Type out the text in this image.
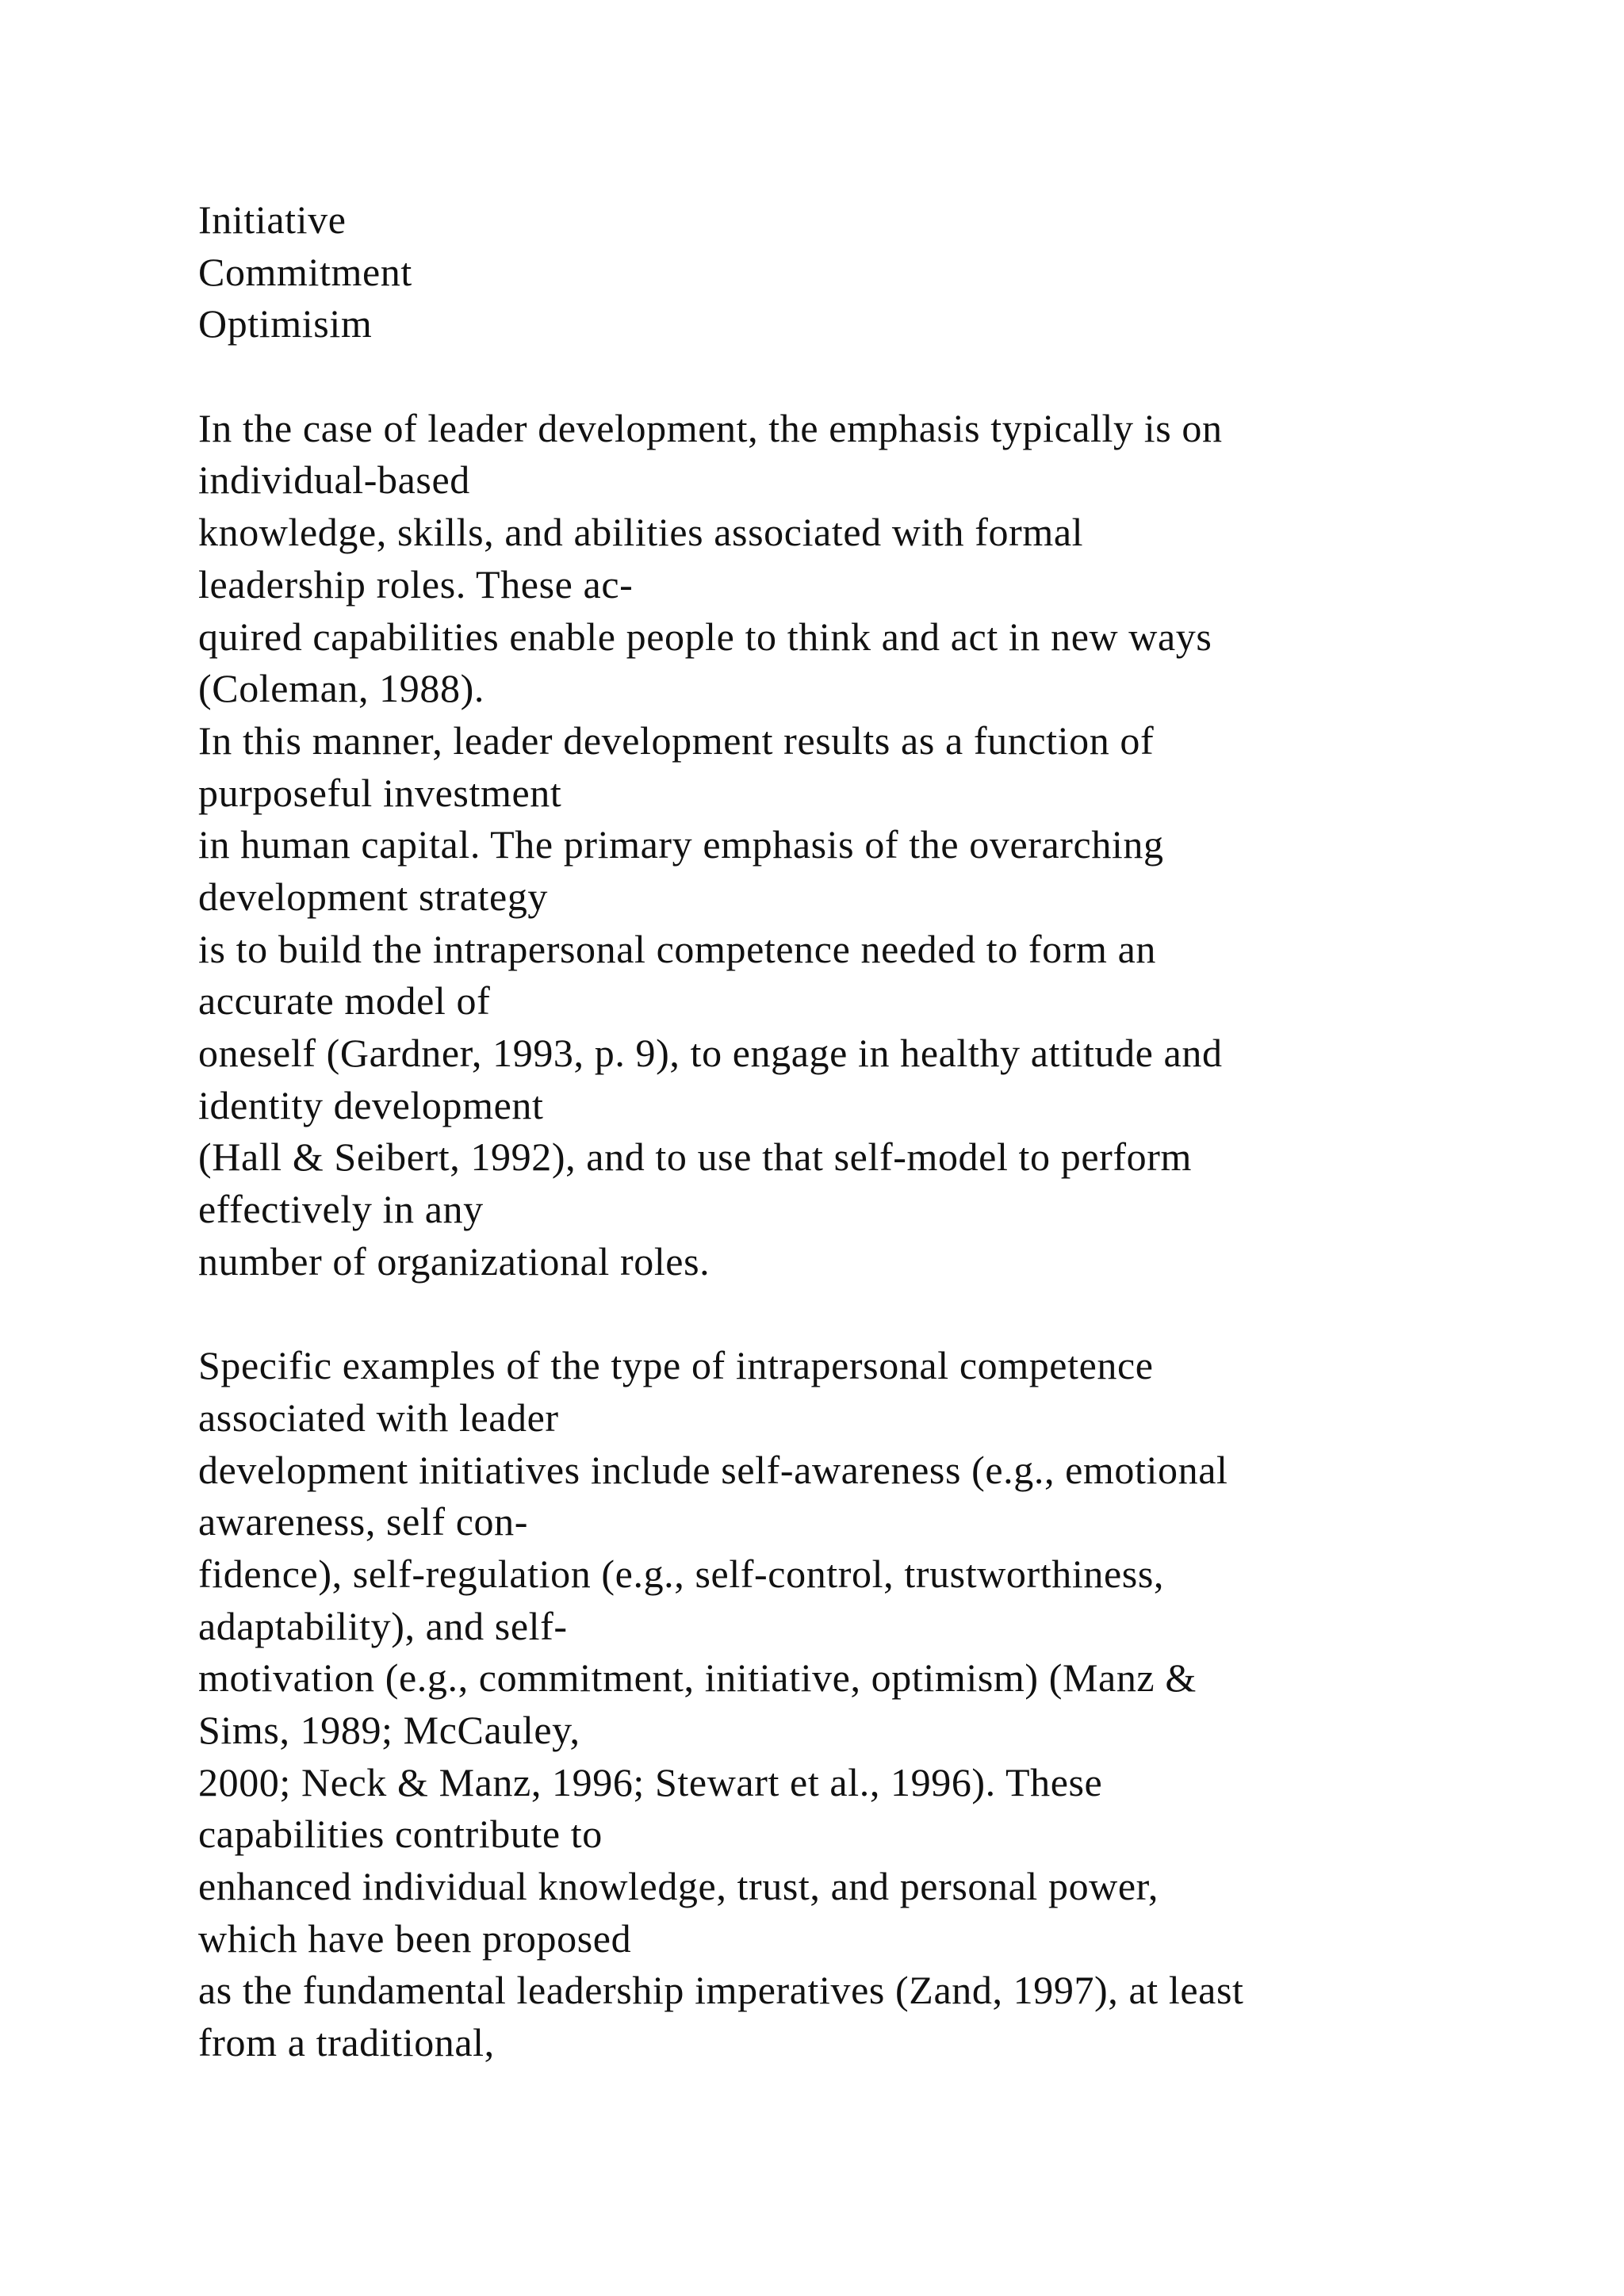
Initiative
Commitment
Optimisim
In the case of leader development, the emphasis typically is on
individual-based
knowledge, skills, and abilities associated with formal
leadership roles. These ac-
quired capabilities enable people to think and act in new ways
(Coleman, 1988).
In this manner, leader development results as a function of
purposeful investment
in human capital. The primary emphasis of the overarching
development strategy
is to build the intrapersonal competence needed to form an
accurate model of
oneself (Gardner, 1993, p. 9), to engage in healthy attitude and
identity development
(Hall & Seibert, 1992), and to use that self-model to perform
effectively in any
number of organizational roles.
Specific examples of the type of intrapersonal competence
associated with leader
development initiatives include self-awareness (e.g., emotional
awareness, self con-
fidence), self-regulation (e.g., self-control, trustworthiness,
adaptability), and self-
motivation (e.g., commitment, initiative, optimism) (Manz &
Sims, 1989; McCauley,
2000; Neck & Manz, 1996; Stewart et al., 1996). These
capabilities contribute to
enhanced individual knowledge, trust, and personal power,
which have been proposed
as the fundamental leadership imperatives (Zand, 1997), at least
from a traditional,
